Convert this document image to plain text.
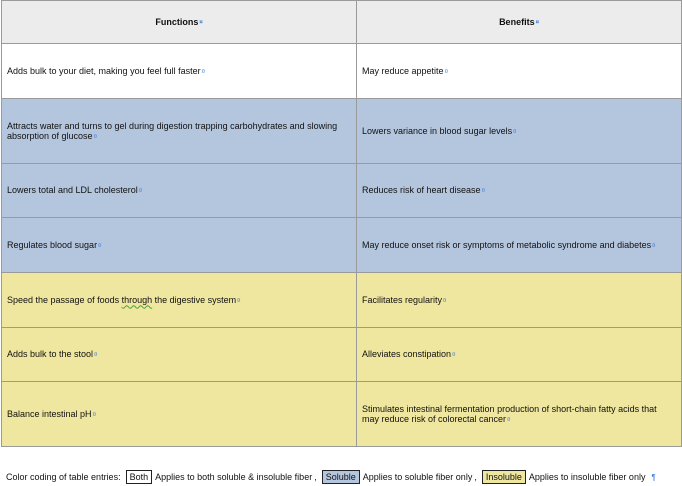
Functions¤	Benefits¤
Adds bulk to your diet, making you feel full faster¤	May reduce appetite¤
Attracts water and turns to gel during digestion trapping carbohydrates and slowing absorption of glucose¤	Lowers variance in blood sugar levels¤
Lowers total and LDL cholesterol¤	Reduces risk of heart disease¤
Regulates blood sugar¤	May reduce onset risk or symptoms of metabolic syndrome and diabetes¤
Speed the passage of foods through the digestive system¤	Facilitates regularity¤
Adds bulk to the stool¤	Alleviates constipation¤
Balance intestinal pH¤	Stimulates intestinal fermentation production of short-chain fatty acids that may reduce risk of colorectal cancer¤
Color coding of table entries:	Both Applies to both soluble & insoluble fiber ,	Soluble Applies to soluble fiber only ,	Insoluble Applies to insoluble fiber only ¶
